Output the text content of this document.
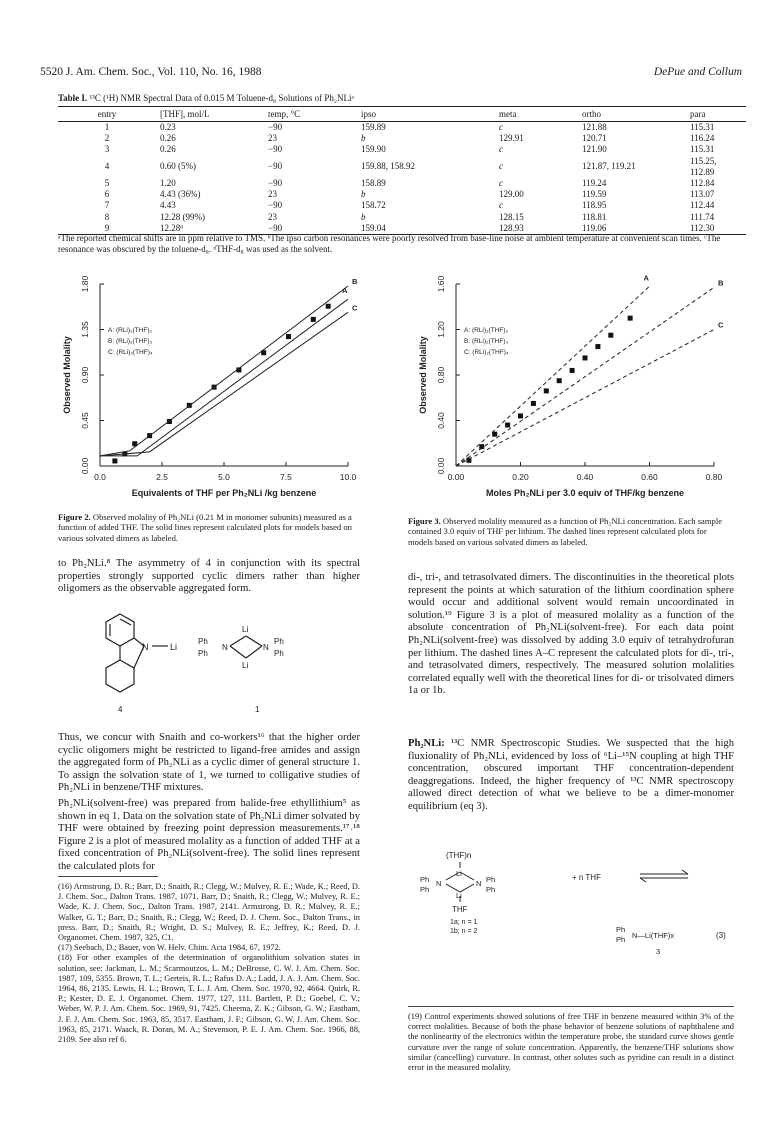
5520 J. Am. Chem. Soc., Vol. 110, No. 16, 1988	DePue and Collum
Table I. ¹³C (¹H) NMR Spectral Data of 0.015 M Toluene-d₈ Solutions of Ph₂NLiᵃ
entry	[THF], mol/L	temp, °C	ipso	meta	ortho	para
1	0.23	−90	159.89	c	121.88	115.31
2	0.26	23	b	129.91	120.71	116.24
3	0.26	−90	159.90	c	121.90	115.31
4	0.60 (5%)	−90	159.88, 158.92	c	121.87, 119.21	115.25, 112.89
5	1.20	−90	158.89	c	119.24	112.84
6	4.43 (36%)	23	b	129.00	119.59	113.07
7	4.43	−90	158.72	c	118.95	112.44
8	12.28 (99%)	23	b	128.15	118.81	111.74
9	12.28ᵈ	−90	159.04	128.93	119.06	112.30
ᵃThe reported chemical shifts are in ppm relative to TMS. ᵇThe ipso carbon resonances were poorly resolved from base-line noise at ambient temperature at convenient scan times. ᶜThe resonance was obscured by the toluene-d₈. ᵈTHF-d₈ was used as the solvent.
0.00
0.45
0.90
1.35
1.80
0.0	2.5	5.0	7.5	10.0
Observed Molality
Equivalents of THF per Ph₂NLi /kg benzene
A: (RLi)₂(THF)₂
B: (RLi)₂(THF)₃
C: (RLi)₂(THF)₄
A
B
C
Figure 2. Observed molality of Ph₂NLi (0.21 M in monomer subunits) measured as a function of added THF. The solid lines represent calculated plots for models based on various solvated dimers as labeled.
0.00
0.40
0.80
1.20
1.60
0.00	0.20	0.40	0.60	0.80
Observed Molality
Moles Ph₂NLi per 3.0 equiv of THF/kg benzene
A: (RLi)₂(THF)₂
B: (RLi)₂(THF)₃
C: (RLi)₂(THF)₄
A
B
C
Figure 3. Observed molality measured as a function of Ph₂NLi concentration. Each sample contained 3.0 equiv of THF per lithium. The dashed lines represent calculated plots for models based on various solvated dimers as labeled.
to Ph₂NLi.⁸ The asymmetry of 4 in conjunction with its spectral properties strongly supported cyclic dimers rather than higher oligomers as the observable aggregated form.
N Li
Ph
Ph
N
Li
Li
N
Ph
Ph
4	1
Thus, we concur with Snaith and co-workers¹⁶ that the higher order cyclic oligomers might be restricted to ligand-free amides and assign the aggregated form of Ph₂NLi as a cyclic dimer of general structure 1. To assign the solvation state of 1, we turned to colligative studies of Ph₂NLi in benzene/THF mixtures.
Ph₂NLi(solvent-free) was prepared from halide-free ethyllithium⁵ as shown in eq 1. Data on the solvation state of Ph₂NLi dimer solvated by THF were obtained by freezing point depression measurements.¹⁷˒¹⁸ Figure 2 is a plot of measured molality as a function of added THF at a fixed concentration of Ph₂NLi(solvent-free). The solid lines represent the calculated plots for
(16) Armstrong, D. R.; Barr, D.; Snaith, R.; Clegg, W.; Mulvey, R. E.; Wade, K.; Reed, D. J. Chem. Soc., Dalton Trans. 1987, 1071. Barr, D.; Snaith, R.; Clegg, W.; Mulvey, R. E.; Wade, K. J. Chem. Soc., Dalton Trans. 1987, 2141. Armstrong, D. R.; Mulvey, R. E.; Walker, G. T.; Barr, D.; Snaith, R.; Clegg, W.; Reed, D. J. Chem. Soc., Dalton Trans., in press. Barr, D.; Snaith, R.; Wright, D. S.; Mulvey, R. E.; Jeffrey, K.; Reed, D. J. Organomet. Chem. 1987, 325, C1.
(17) Seebach, D.; Bauer, von W. Helv. Chim. Acta 1984, 67, 1972.
(18) For other examples of the determination of organolithium solvation states in solution, see: Jackman, L. M.; Scarmoutzos, L. M.; DeBrosse, C. W. J. Am. Chem. Soc. 1987, 109, 5355. Brown, T. L.; Gerteis, R. L.; Rafus D. A.; Ladd, J. A. J. Am. Chem. Soc. 1964, 86, 2135. Lewis, H. L.; Brown, T. L. J. Am. Chem. Soc. 1970, 92, 4664. Quirk, R. P.; Kester, D. E. J. Organomet. Chem. 1977, 127, 111. Bartlett, P. D.; Goebel, C. V.; Weber, W. P. J. Am. Chem. Soc. 1969, 91, 7425. Cheema, Z. K.; Gibson, G. W.; Eastham, J. F. J. Am. Chem. Soc. 1963, 85, 3517. Eastham, J. F.; Gibson, G. W. J. Am. Chem. Soc. 1963, 85, 2171. Waack, R. Doran, M. A.; Stevenson, P. E. J. Am. Chem. Soc. 1966, 88, 2109. See also ref 6.
di-, tri-, and tetrasolvated dimers. The discontinuities in the theoretical plots represent the points at which saturation of the lithium coordination sphere would occur and additional solvent would remain uncoordinated in solution.¹⁹ Figure 3 is a plot of measured molality as a function of the absolute concentration of Ph₂NLi(solvent-free). For each data point Ph₂NLi(solvent-free) was dissolved by adding 3.0 equiv of tetrahydrofuran per lithium. The dashed lines A–C represent the calculated plots for di-, tri-, and tetrasolvated dimers, respectively. The measured solution molalities correlated equally well with the theoretical lines for di- or trisolvated dimers 1a or 1b.
Ph₂NLi: ¹³C NMR Spectroscopic Studies. We suspected that the high fluxionality of Ph₂NLi, evidenced by loss of ⁶Li–¹⁵N coupling at high THF concentration, obscured important THF concentration-dependent deaggregations. Indeed, the higher frequency of ¹³C NMR spectroscopy allowed direct detection of what we believe to be a dimer-monomer equilibrium (eq 3).
(THF)n
Ph
Ph
N
Li
Li
N Ph
Ph
THF
1a; n = 1
1b; n = 2
+ n THF
Ph
Ph N—Li(THF)x	(3)
3
(19) Control experiments showed solutions of free THF in benzene measured within 3% of the correct molalities. Because of both the phase behavior of benzene solutions of naphthalene and the nonlinearity of the electronics within the temperature probe, the standard curve shows gentle curvature over the range of solute concentration. Apparently, the benzene/THF solutions show similar (cancelling) curvature. In contrast, other solutes such as pyridine can result in a distinct error in the measured molality.
